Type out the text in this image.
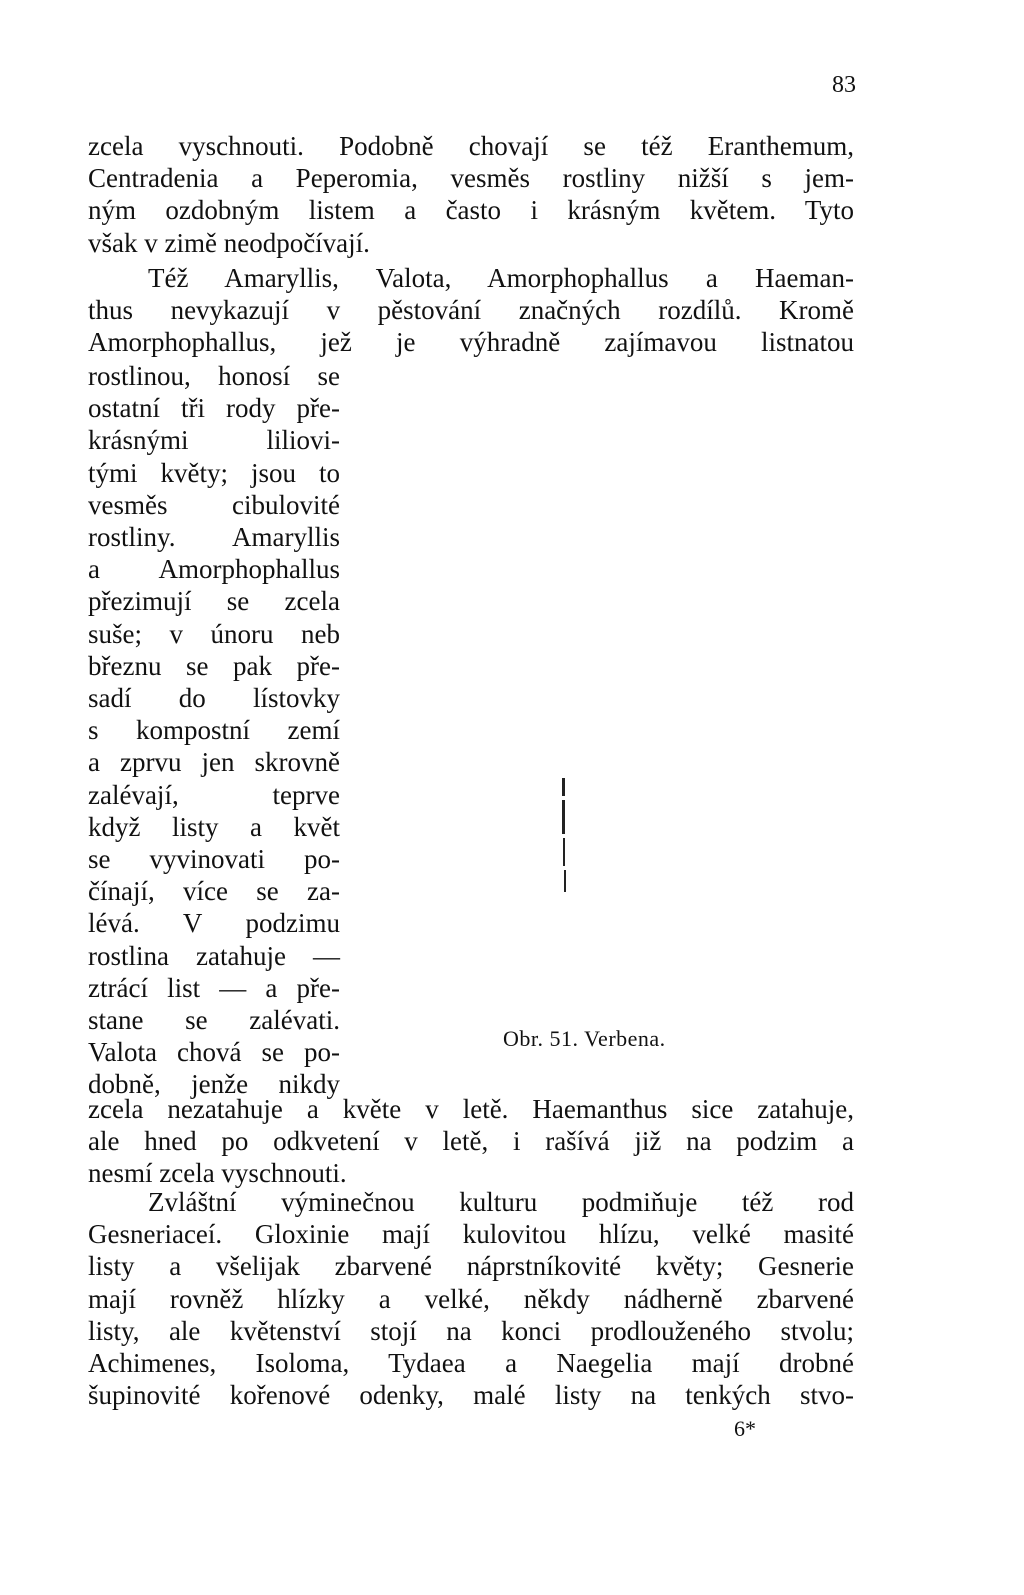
83
zcela vyschnouti. Podobně chovají se též Eranthemum,
Centradenia a Peperomia, vesměs rostliny nižší s jem-
ným ozdobným listem a často i krásným květem. Tyto
však v zimě neodpočívají.
Též Amaryllis, Valota, Amorphophallus a Haeman-
thus nevykazují v pěstování značných rozdílů. Kromě
Amorphophallus, jež je výhradně zajímavou listnatou
rostlinou, honosí se
ostatní tři rody pře-
krásnými liliovi-
tými květy; jsou to
vesměs cibulovité
rostliny. Amaryllis
a Amorphophallus
přezimují se zcela
suše; v únoru neb
březnu se pak pře-
sadí do lístovky
s kompostní zemí
a zprvu jen skrovně
zalévají, teprve
když listy a květ
se vyvinovati po-
čínají, více se za-
lévá. V podzimu
rostlina zatahuje —
ztrácí list — a pře-
stane se zalévati.
Valota chová se po-
dobně, jenže nikdy
Obr. 51. Verbena.
zcela nezatahuje a květe v letě. Haemanthus sice zatahuje,
ale hned po odkvetení v letě, i rašívá již na podzim a
nesmí zcela vyschnouti.
Zvláštní výminečnou kulturu podmiňuje též rod
Gesneriaceí. Gloxinie mají kulovitou hlízu, velké masité
listy a všelijak zbarvené náprstníkovité květy; Gesnerie
mají rovněž hlízky a velké, někdy nádherně zbarvené
listy, ale květenství stojí na konci prodlouženého stvolu;
Achimenes, Isoloma, Tydaea a Naegelia mají drobné
šupinovité kořenové odenky, malé listy na tenkých stvo-
6*
